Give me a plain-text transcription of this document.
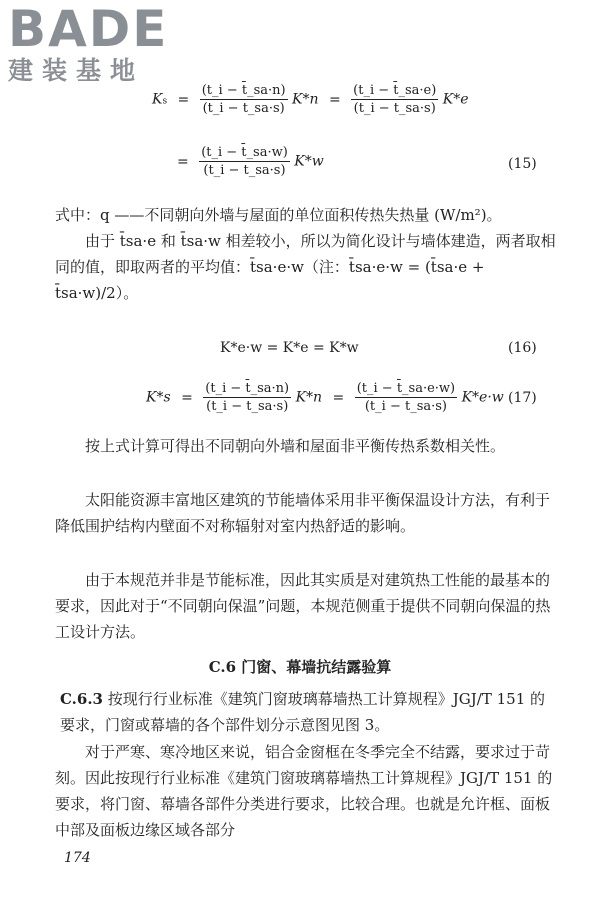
BADE
建装基地
$Ks = \frac{(t\_i - t̄\_sa\cdot n)}{(t\_i - t̄\_sa\cdot s)} K*n = \frac{(t\_i - t̄\_sa\cdot e)}{(t\_i - t̄\_sa\cdot s)} K*e$
= $\frac{(t\_i - t̄\_sa\cdot w)}{(t\_i - t̄\_sa\cdot s)} K*w$	(15)
式中：q ——不同朝向外墙与屋面的单位面积传热失热量 (W/m²)。
由于 t̄sa·e 和 t̄sa·w 相差较小，所以为简化设计与墙体建造，两者取相同的值，即取两者的平均值：t̄sa·e·w（注：t̄sa·e·w = (t̄sa·e + t̄sa·w)/2）。
K*e·w = K*e = K*w	(16)
$K*s = \frac{(t\_i - t̄\_sa\cdot n)}{(t\_i - t̄\_sa\cdot s)} K*n = \frac{(t\_i - t̄\_sa\cdot e\cdot w)}{(t\_i - t̄\_sa\cdot s)} K*e\cdot w$ (17)
按上式计算可得出不同朝向外墙和屋面非平衡传热系数相关性。
太阳能资源丰富地区建筑的节能墙体采用非平衡保温设计方法，有利于降低围护结构内壁面不对称辐射对室内热舒适的影响。
由于本规范并非是节能标准，因此其实质是对建筑热工性能的最基本的要求，因此对于“不同朝向保温”问题，本规范侧重于提供不同朝向保温的热工设计方法。
C.6 门窗、幕墙抗结露验算
C.6.3 按现行行业标准《建筑门窗玻璃幕墙热工计算规程》JGJ/T 151 的要求，门窗或幕墙的各个部件划分示意图见图 3。
对于严寒、寒冷地区来说，铝合金窗框在冬季完全不结露，要求过于苛刻。因此按现行行业标准《建筑门窗玻璃幕墙热工计算规程》JGJ/T 151 的要求，将门窗、幕墙各部件分类进行要求，比较合理。也就是允许框、面板中部及面板边缘区域各部分
174
